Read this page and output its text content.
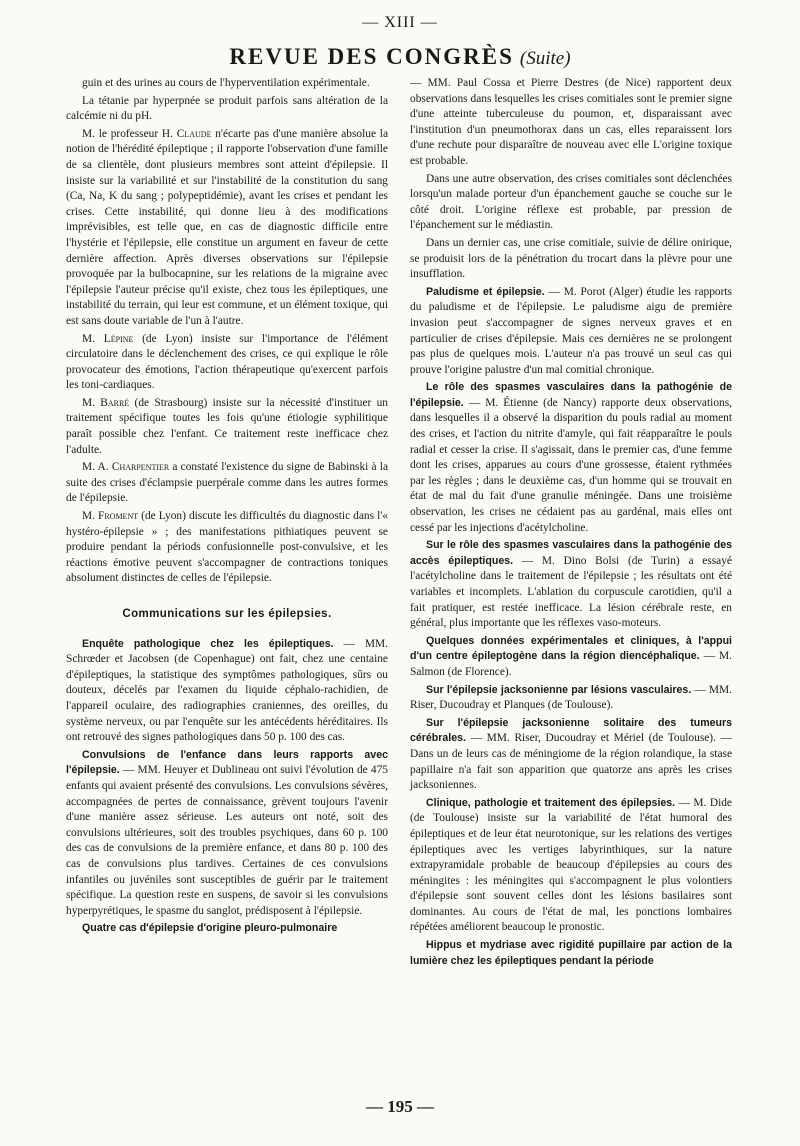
— XIII —
REVUE DES CONGRÈS (Suite)

guin et des urines au cours de l'hyperventilation expérimentale.

La tétanie par hyperpnée se produit parfois sans altération de la calcémie ni du pH.

M. le professeur H. Claude n'écarte pas d'une manière absolue la notion de l'hérédité épileptique ; il rapporte l'observation d'une famille de sa clientèle, dont plusieurs membres sont atteint d'épilepsie. Il insiste sur la variabilité et sur l'instabilité de la constitution du sang (Ca, Na, K du sang ; polypeptidémie), avant les crises et pendant les crises. Cette instabilité, qui donne lieu à des modifications imprévisibles, est telle que, en cas de diagnostic difficile entre l'hystérie et l'épilepsie, elle constitue un argument en faveur de cette dernière affection. Après diverses observations sur l'épilepsie provoquée par la bulbocapnine, sur les relations de la migraine avec l'épilepsie l'auteur précise qu'il existe, chez tous les épileptiques, une instabilité du terrain, qui leur est commune, et un élément toxique, qui est sans doute variable de l'un à l'autre.

M. Lépine (de Lyon) insiste sur l'importance de l'élément circulatoire dans le déclenchement des crises, ce qui explique le rôle provocateur des émotions, l'action thérapeutique qu'exercent parfois les toni-cardiaques.

M. Barré (de Strasbourg) insiste sur la nécessité d'instituer un traitement spécifique toutes les fois qu'une étiologie syphilitique paraît possible chez l'enfant. Ce traitement reste inefficace chez l'adulte.

M. A. Charpentier a constaté l'existence du signe de Babinski à la suite des crises d'éclampsie puerpérale comme dans les autres formes de l'épilepsie.

M. Froment (de Lyon) discute les difficultés du diagnostic dans l'« hystéro-épilepsie » ; des manifestations pithiatiques peuvent se produire pendant la périods confusionnelle post-convulsive, et les réactions émotive peuvent s'accompagner de contractions toniques absolument distinctes de celles de l'épilepsie.

Communications sur les épilepsies.

Enquête pathologique chez les épileptiques. — MM. Schrœder et Jacobsen (de Copenhague) ont fait, chez une centaine d'épileptiques, la statistique des symptômes pathologiques, sûrs ou douteux, décelés par l'examen du liquide céphalo-rachidien, de l'appareil oculaire, des radiographies craniennes, des oreilles, du système nerveux, ou par l'enquête sur les antécédents héréditaires. Ils ont retrouvé des signes pathologiques dans 50 p. 100 des cas.

Convulsions de l'enfance dans leurs rapports avec l'épilepsie. — MM. Heuyer et Dublineau ont suivi l'évolution de 475 enfants qui avaient présenté des convulsions. Les convulsions sévères, accompagnées de pertes de connaissance, grèvent toujours l'avenir d'une manière assez sérieuse. Les auteurs ont noté, soit des convulsions ultérieures, soit des troubles psychiques, dans 60 p. 100 des cas de convulsions de la première enfance, et dans 80 p. 100 des cas de convulsions plus tardives. Certaines de ces convulsions infantiles ou juvéniles sont susceptibles de guérir par le traitement spécifique. La question reste en suspens, de savoir si les convulsions hyperpyrétiques, le spasme du sanglot, prédisposent à l'épilepsie.

Quatre cas d'épilepsie d'origine pleuro-pulmonaire

— MM. Paul Cossa et Pierre Destres (de Nice) rapportent deux observations dans lesquelles les crises comitiales sont le premier signe d'une atteinte tuberculeuse du poumon, et, disparaissant avec l'institution d'un pneumothorax dans un cas, elles reparaissent lors d'une rechute pour disparaître de nouveau avec elle L'origine toxique est probable.

Dans une autre observation, des crises comitiales sont déclenchées lorsqu'un malade porteur d'un épanchement gauche se couche sur le côté droit. L'origine réflexe est probable, par pression de l'épanchement sur le médiastin.

Dans un dernier cas, une crise comitiale, suivie de délire onirique, se produisit lors de la pénétration du trocart dans la plèvre pour une insufflation.

Paludisme et épilepsie. — M. Porot (Alger) étudie les rapports du paludisme et de l'épilepsie. Le paludisme aigu de première invasion peut s'accompagner de signes nerveux graves et en particulier de crises d'épilepsie. Mais ces dernières ne se prolongent pas plus de quelques mois. L'auteur n'a pas trouvé un seul cas qui prouve l'origine palustre d'un mal comitial chronique.

Le rôle des spasmes vasculaires dans la pathogénie de l'épilepsie. — M. Étienne (de Nancy) rapporte deux observations, dans lesquelles il a observé la disparition du pouls radial au moment des crises, et l'action du nitrite d'amyle, qui fait réapparaître le pouls radial et cesser la crise. Il s'agissait, dans le premier cas, d'une femme dont les crises, apparues au cours d'une grossesse, étaient rythmées par les règles ; dans le deuxième cas, d'un homme qui se trouvait en état de mal du fait d'une granulie méningée. Dans une troisième observation, les crises ne cédaient pas au gardénal, mais elles ont cessé par les injections d'acétylcholine.

Sur le rôle des spasmes vasculaires dans la pathogénie des accès épileptiques. — M. Dino Bolsi (de Turin) a essayé l'acétylcholine dans le traitement de l'épilepsie ; les résultats ont été variables et incomplets. L'ablation du corpuscule carotidien, qu'il a fait pratiquer, est restée inefficace. La lésion cérébrale reste, en général, plus importante que les réflexes vaso-moteurs.

Quelques données expérimentales et cliniques, à l'appui d'un centre épileptogène dans la région diencéphalique. — M. Salmon (de Florence).

Sur l'épilepsie jacksonienne par lésions vasculaires. — MM. Riser, Ducoudray et Planques (de Toulouse).

Sur l'épilepsie jacksonienne solitaire des tumeurs cérébrales. — MM. Riser, Ducoudray et Mériel (de Toulouse). — Dans un de leurs cas de méningiome de la région rolandique, la stase papillaire n'a fait son apparition que quatorze ans après les crises jacksoniennes.

Clinique, pathologie et traitement des épilepsies. — M. Dide (de Toulouse) insiste sur la variabilité de l'état humoral des épileptiques et de leur état neurotonique, sur les relations des vertiges épileptiques avec les vertiges labyrinthiques, sur la nature extrapyramidale probable de beaucoup d'épilepsies au cours des méningites : les méningites qui s'accompagnent le plus volontiers d'épilepsie sont souvent celles dont les lésions basilaires sont dominantes. Au cours de l'état de mal, les ponctions lombaires répétées améliorent beaucoup le pronostic.

Hippus et mydriase avec rigidité pupillaire par action de la lumière chez les épileptiques pendant la période

— 195 —
